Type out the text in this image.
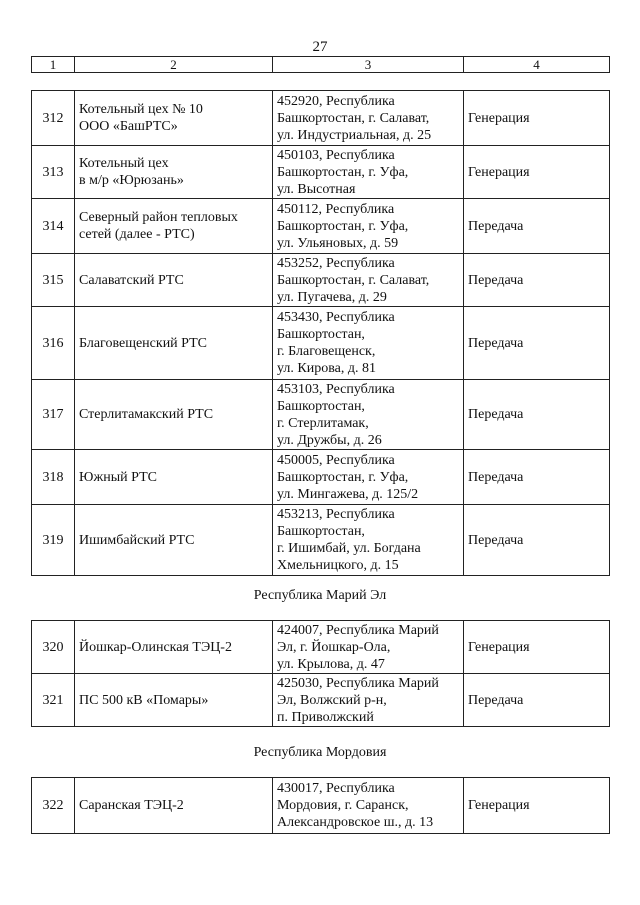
27
1	2	3	4
312	Котельный цех № 10
ООО «БашРТС»	452920, Республика
Башкортостан, г. Салават,
ул. Индустриальная, д. 25	Генерация
313	Котельный цех
в м/р «Юрюзань»	450103, Республика
Башкортостан, г. Уфа,
ул. Высотная	Генерация
314	Северный район тепловых
сетей (далее - РТС)	450112, Республика
Башкортостан, г. Уфа,
ул. Ульяновых, д. 59	Передача
315	Салаватский РТС	453252, Республика
Башкортостан, г. Салават,
ул. Пугачева, д. 29	Передача
316	Благовещенский РТС	453430, Республика
Башкортостан,
г. Благовещенск,
ул. Кирова, д. 81	Передача
317	Стерлитамакский РТС	453103, Республика
Башкортостан,
г. Стерлитамак,
ул. Дружбы, д. 26	Передача
318	Южный РТС	450005, Республика
Башкортостан, г. Уфа,
ул. Мингажева, д. 125/2	Передача
319	Ишимбайский РТС	453213, Республика
Башкортостан,
г. Ишимбай, ул. Богдана
Хмельницкого, д. 15	Передача
Республика Марий Эл
320	Йошкар-Олинская ТЭЦ-2	424007, Республика Марий
Эл, г. Йошкар-Ола,
ул. Крылова, д. 47	Генерация
321	ПС 500 кВ «Помары»	425030, Республика Марий
Эл, Волжский р-н,
п. Приволжский	Передача
Республика Мордовия
322	Саранская ТЭЦ-2	430017, Республика
Мордовия, г. Саранск,
Александровское ш., д. 13	Генерация
